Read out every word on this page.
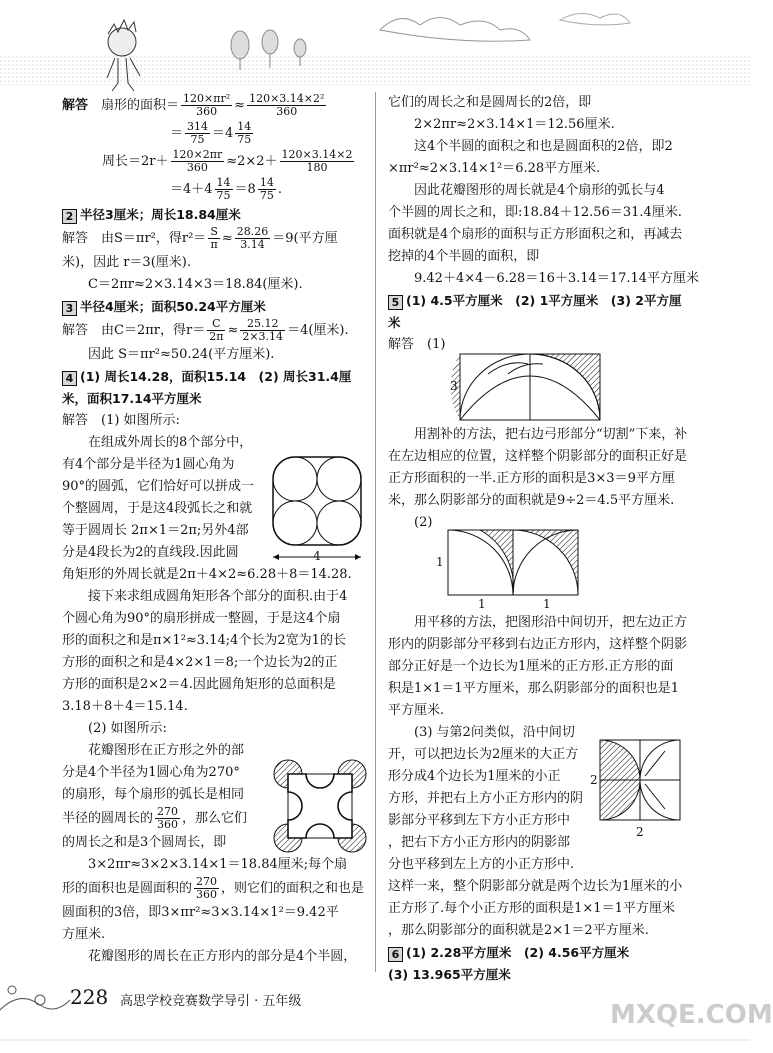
解答　 扇形的面积＝ $\frac{\text{120×πr²}}{360} \approx \frac{\text{120×3.14×2²}}{360}$
＝ $\frac{314}{75} =4 \frac{14}{75}$
周长$=2r+ \frac{120\times 2\pi r}{360} \approx 2\times 2+ \frac{120\times 3.14\times 2}{180}$
$=4+4 \frac{14}{75} =8 \frac{14}{75}$ .
2 半径3厘米；周长18.84厘米
解答　由S＝πr²，得$r^2= \frac{S}{\pi} \approx \frac{28.26}{3.14} =9$(平方厘
米)，因此 r＝3(厘米).
C＝2πr≈2×3.14×3＝18.84(厘米).
3 半径4厘米；面积50.24平方厘米
解答　由C＝2πr，得$r= \frac{C}{2\pi} \approx \frac{25.12}{2\times 3.14} =4$(厘米).
因此 S＝πr²≈50.24(平方厘米).
4 (1) 周长14.28，面积15.14　(2) 周长31.4厘
米，面积17.14平方厘米
解答　(1) 如图所示:
在组成外周长的8个部分中，
有4个部分是半径为1圆心角为
90°的圆弧，它们恰好可以拼成一
个整圆周，于是这4段弧长之和就
等于圆周长 2π×1＝2π;另外4部
分是4段长为2的直线段.因此圆
角矩形的外周长就是2π＋4×2≈6.28＋8＝14.28.
接下来求组成圆角矩形各个部分的面积.由于4
个圆心角为90°的扇形拼成一整圆，于是这4个扇
形的面积之和是π×1²≈3.14;4个长为2宽为1的长
方形的面积之和是4×2×1＝8;一个边长为2的正
方形的面积是2×2＝4.因此圆角矩形的总面积是
3.18＋8＋4＝15.14.
(2) 如图所示:
花瓣图形在正方形之外的部
分是4个半径为1圆心角为270°
的扇形，每个扇形的弧长是相同
半径的圆周长的 $\frac{270}{360}$ ，那么它们
的周长之和是3个圆周长，即
3×2πr≈3×2×3.14×1＝18.84厘米;每个扇
形的面积也是圆面积的 $\frac{270}{360}$ ，则它们的面积之和也是
圆面积的3倍，即3×πr²≈3×3.14×1²＝9.42平
方厘米.
花瓣图形的周长在正方形内的部分是4个半圆，
4
它们的周长之和是圆周长的2倍，即
2×2πr≈2×3.14×1＝12.56厘米.
这4个半圆的面积之和也是圆面积的2倍，即2
×πr²≈2×3.14×1²＝6.28平方厘米.
因此花瓣图形的周长就是4个扇形的弧长与4
个半圆的周长之和，即:18.84＋12.56＝31.4厘米.
面积就是4个扇形的面积与正方形面积之和，再减去
挖掉的4个半圆的面积，即
9.42＋4×4－6.28＝16＋3.14＝17.14平方厘米
5 (1) 4.5平方厘米　(2) 1平方厘米　(3) 2平方厘
米
解答　(1)
用割补的方法，把右边弓形部分“切割”下来，补
在左边相应的位置，这样整个阴影部分的面积正好是
正方形面积的一半.正方形的面积是3×3＝9平方厘
米，那么阴影部分的面积就是9÷2＝4.5平方厘米.
(2)
用平移的方法，把图形沿中间切开，把左边正方
形内的阴影部分平移到右边正方形内，这样整个阴影
部分正好是一个边长为1厘米的正方形.正方形的面
积是1×1＝1平方厘米，那么阴影部分的面积也是1
平方厘米.
(3) 与第2问类似，沿中间切
开，可以把边长为2厘米的大正方
形分成4个边长为1厘米的小正
方形，并把右上方小正方形内的阴
影部分平移到左下方小正方形中
，把右下方小正方形内的阴影部
分也平移到左上方的小正方形中.
这样一来，整个阴影部分就是两个边长为1厘米的小
正方形了.每个小正方形的面积是1×1＝1平方厘米
，那么阴影部分的面积就是2×1＝2平方厘米.
6 (1) 2.28平方厘米　(2) 4.56平方厘米
(3) 13.965平方厘米
3
1
1	1
2
2
228 高思学校竞赛数学导引 · 五年级	MXQE.COM
